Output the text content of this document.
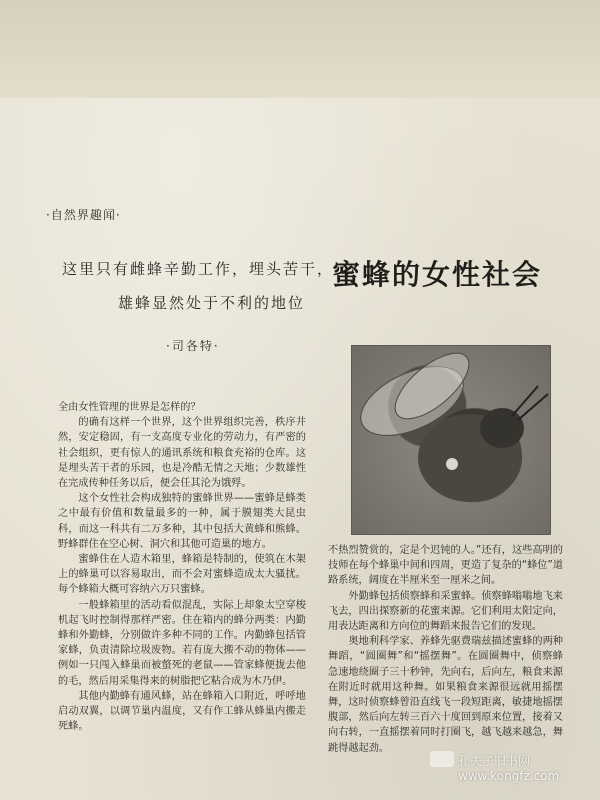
·自然界趣闻·
这里只有雌蜂辛勤工作，埋头苦干，
雄蜂显然处于不利的地位
·司各特·
蜜蜂的女性社会

全由女性管理的世界是怎样的？

的确有这样一个世界，这个世界组织完善，秩序井然，安定稳固，有一支高度专业化的劳动力，有严密的社会组织，更有惊人的通讯系统和粮食充裕的仓库。这是埋头苦干者的乐园，也是冷酷无情之天地；少数雄性在完成传种任务以后，便会任其沦为饿殍。

这个女性社会构成独特的蜜蜂世界——蜜蜂是蜂类之中最有价值和数量最多的一种，属于膜翅类大昆虫科，而这一科共有二万多种，其中包括大黄蜂和熊蜂。野蜂群住在空心树、洞穴和其他可造巢的地方。

蜜蜂住在人造木箱里，蜂箱是特制的，使筑在木架上的蜂巢可以容易取出，而不会对蜜蜂造成太大骚扰。每个蜂箱大概可容纳六万只蜜蜂。

一般蜂箱里的活动看似混乱，实际上却象太空穿梭机起飞时控制得那样严密。住在箱内的蜂分两类：内勤蜂和外勤蜂，分别做许多种不同的工作。内勤蜂包括管家蜂，负责清除垃圾废物。若有庞大搬不动的物体——例如一只闯入蜂巢而被螫死的老鼠——管家蜂便拢去他的毛，然后用采集得来的树脂把它粘合成为木乃伊。

其他内勤蜂有通风蜂，站在蜂箱入口附近，呼呼地启动双翼，以调节巢内温度，又有作工蜂从蜂巢内搬走死蜂。

不热烈赞赏的，定是个迟钝的人。”还有，这些高明的技师在每个蜂巢中间和四周，更造了复杂的“蜂位”道路系统，阔度在半厘米至一厘米之间。

外勤蜂包括侦察蜂和采蜜蜂。侦察蜂嗡嗡地飞来飞去，四出探察新的花蜜来源。它们利用太阳定向，用表达距离和方向位的舞蹈来报告它们的发现。

奥地利科学家、养蜂先驱费瑞兹描述蜜蜂的两种舞蹈，“圆圈舞”和“摇摆舞”。在圆圈舞中，侦察蜂急速地绕圈子三十秒钟，先向右，后向左，粮食来源在附近时就用这种舞。如果粮食来源很远就用摇摆舞，这时侦察蜂曾沿直线飞一段短距离，敏捷地摇摆腹部，然后向左转三百六十度回到原来位置，接着又向右转，一直摇摆着同时打圈飞，越飞越来越急，舞跳得越起劲。

孔夫子旧书网 www.kongfz.com
